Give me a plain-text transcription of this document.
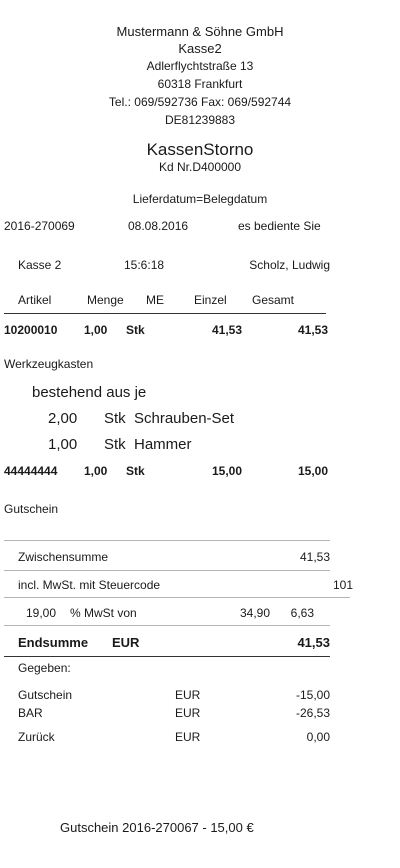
Mustermann & Söhne GmbH
Kasse2
Adlerflychtstraße 13
60318 Frankfurt
Tel.: 069/592736 Fax: 069/592744
DE81239883
KassenStorno
Kd Nr.D400000
Lieferdatum=Belegdatum
2016-270069	08.08.2016	es bediente Sie
Kasse 2	15:6:18	Scholz, Ludwig
Artikel	Menge ME	Einzel Gesamt
10200010 1,00 Stk	41,53	41,53
Werkzeugkasten
bestehend aus je
2,00 Stk Schrauben-Set
1,00 Stk Hammer
44444444 1,00 Stk	15,00	15,00
Gutschein
Zwischensumme	41,53
incl. MwSt. mit Steuercode	101
19,00 % MwSt von	34,90 6,63
Endsumme EUR	41,53
Gegeben:
Gutschein	EUR	-15,00
BAR	EUR	-26,53
Zurück	EUR	0,00
Gutschein 2016-270067 - 15,00 €
